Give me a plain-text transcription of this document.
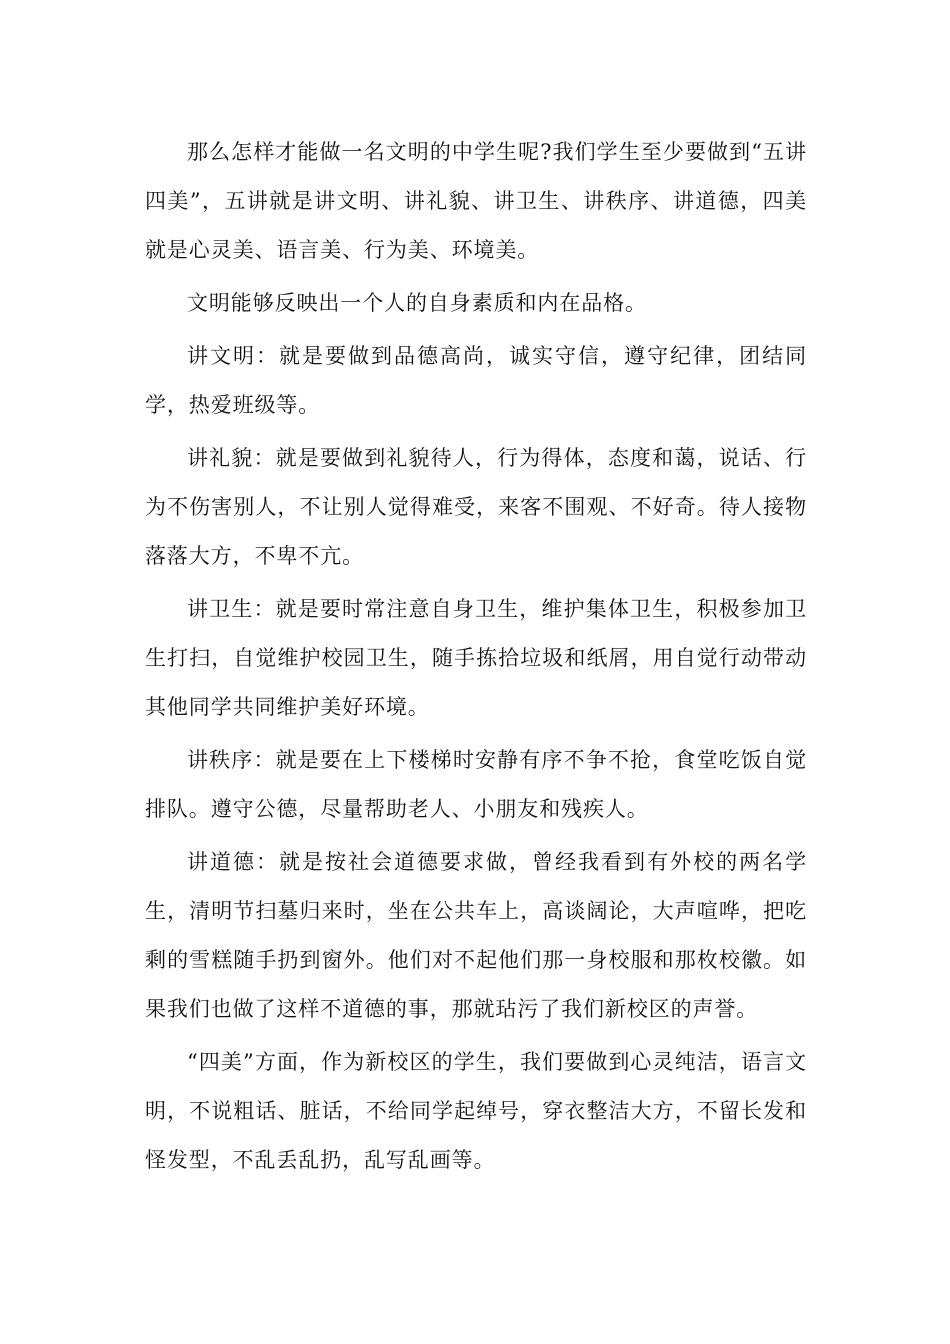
那么怎样才能做一名文明的中学生呢?我们学生至少要做到“五讲四美”，五讲就是讲文明、讲礼貌、讲卫生、讲秩序、讲道德，四美就是心灵美、语言美、行为美、环境美。

文明能够反映出一个人的自身素质和内在品格。

讲文明：就是要做到品德高尚，诚实守信，遵守纪律，团结同学，热爱班级等。

讲礼貌：就是要做到礼貌待人，行为得体，态度和蔼，说话、行为不伤害别人，不让别人觉得难受，来客不围观、不好奇。待人接物落落大方，不卑不亢。

讲卫生：就是要时常注意自身卫生，维护集体卫生，积极参加卫生打扫，自觉维护校园卫生，随手拣拾垃圾和纸屑，用自觉行动带动其他同学共同维护美好环境。

讲秩序：就是要在上下楼梯时安静有序不争不抢，食堂吃饭自觉排队。遵守公德，尽量帮助老人、小朋友和残疾人。

讲道德：就是按社会道德要求做，曾经我看到有外校的两名学生，清明节扫墓归来时，坐在公共车上，高谈阔论，大声喧哗，把吃剩的雪糕随手扔到窗外。他们对不起他们那一身校服和那枚校徽。如果我们也做了这样不道德的事，那就玷污了我们新校区的声誉。

“四美”方面，作为新校区的学生，我们要做到心灵纯洁，语言文明，不说粗话、脏话，不给同学起绰号，穿衣整洁大方，不留长发和怪发型，不乱丢乱扔，乱写乱画等。
